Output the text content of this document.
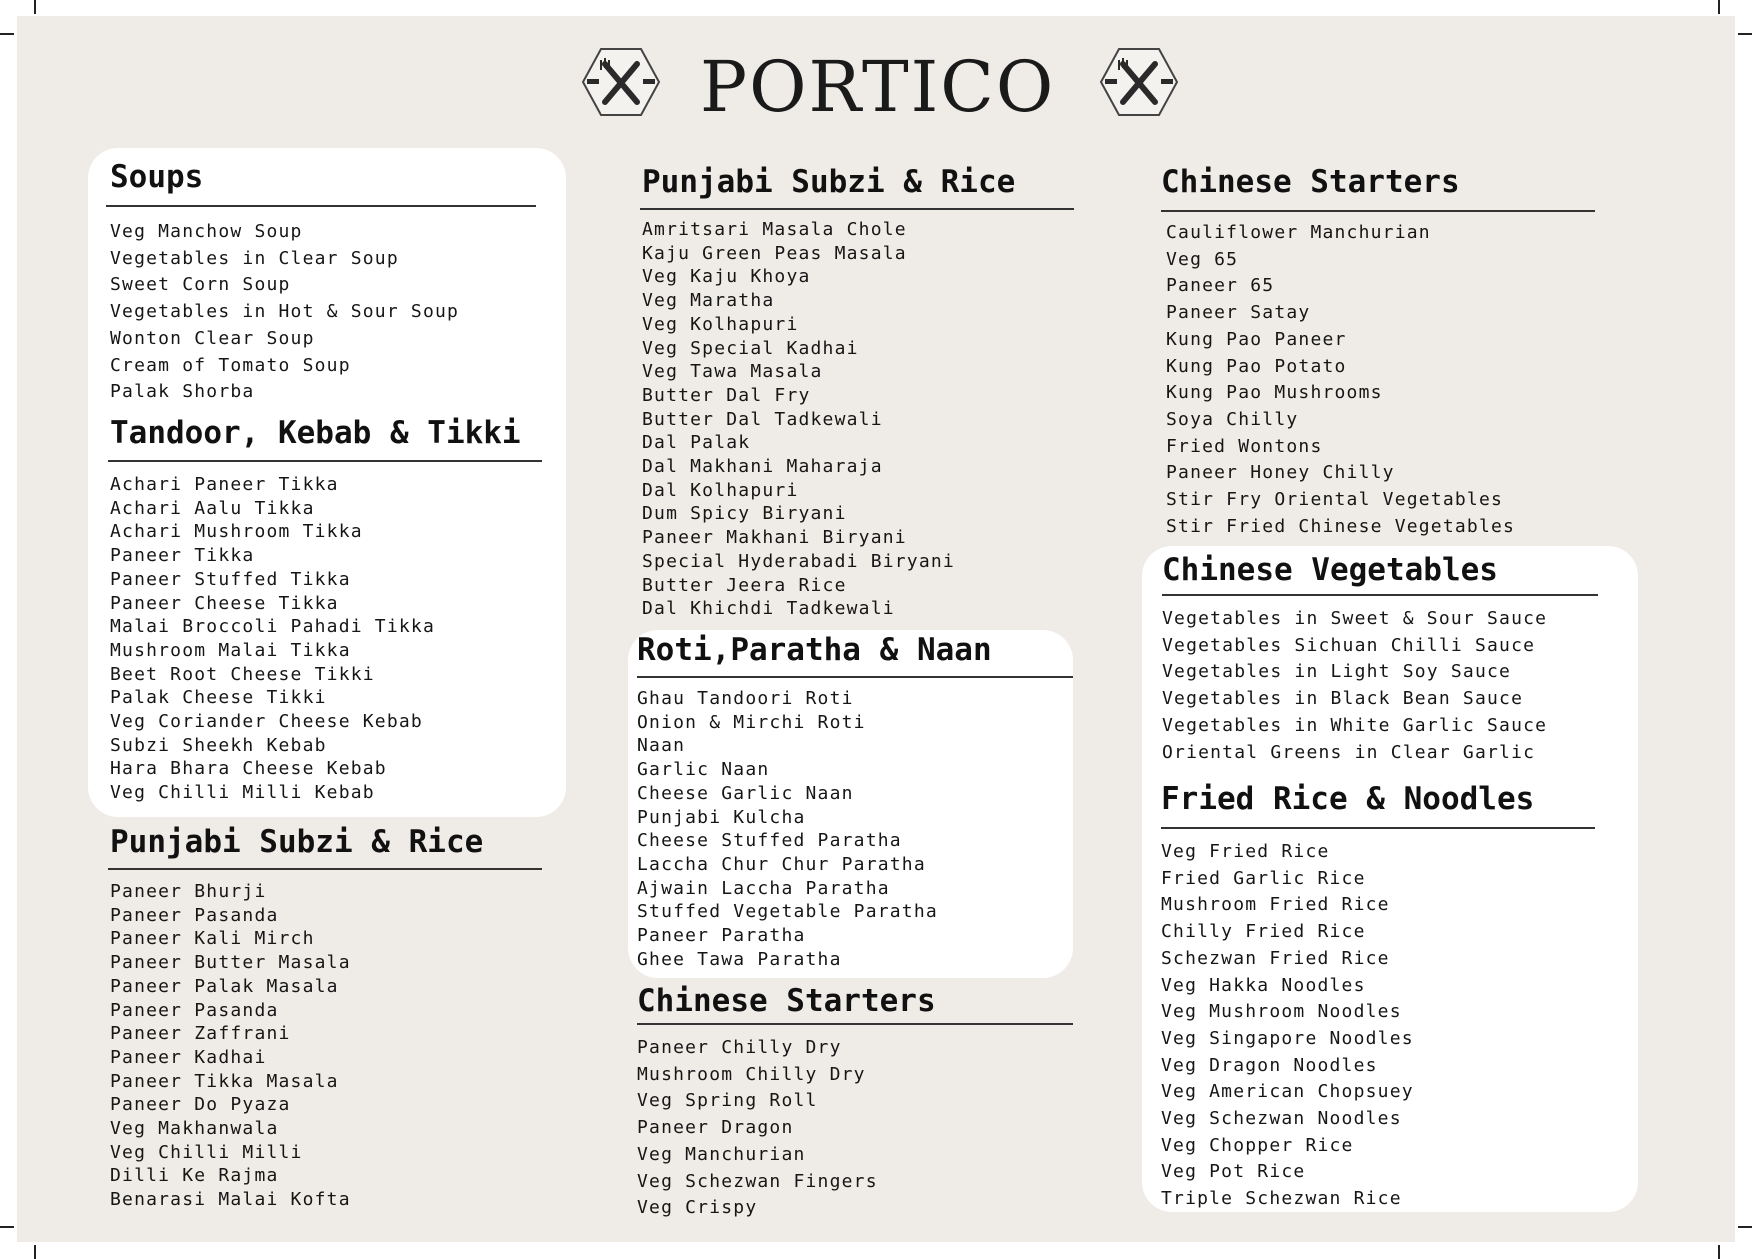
PORTICO
Soups
Veg Manchow Soup
Vegetables in Clear Soup
Sweet Corn Soup
Vegetables in Hot & Sour Soup
Wonton Clear Soup
Cream of Tomato Soup
Palak Shorba
Tandoor, Kebab & Tikki
Achari Paneer Tikka
Achari Aalu Tikka
Achari Mushroom Tikka
Paneer Tikka
Paneer Stuffed Tikka
Paneer Cheese Tikka
Malai Broccoli Pahadi Tikka
Mushroom Malai Tikka
Beet Root Cheese Tikki
Palak Cheese Tikki
Veg Coriander Cheese Kebab
Subzi Sheekh Kebab
Hara Bhara Cheese Kebab
Veg Chilli Milli Kebab
Punjabi Subzi & Rice
Paneer Bhurji
Paneer Pasanda
Paneer Kali Mirch
Paneer Butter Masala
Paneer Palak Masala
Paneer Pasanda
Paneer Zaffrani
Paneer Kadhai
Paneer Tikka Masala
Paneer Do Pyaza
Veg Makhanwala
Veg Chilli Milli
Dilli Ke Rajma
Benarasi Malai Kofta
Punjabi Subzi & Rice
Amritsari Masala Chole
Kaju Green Peas Masala
Veg Kaju Khoya
Veg Maratha
Veg Kolhapuri
Veg Special Kadhai
Veg Tawa Masala
Butter Dal Fry
Butter Dal Tadkewali
Dal Palak
Dal Makhani Maharaja
Dal Kolhapuri
Dum Spicy Biryani
Paneer Makhani Biryani
Special Hyderabadi Biryani
Butter Jeera Rice
Dal Khichdi Tadkewali
Roti,Paratha & Naan
Ghau Tandoori Roti
Onion & Mirchi Roti
Naan
Garlic Naan
Cheese Garlic Naan
Punjabi Kulcha
Cheese Stuffed Paratha
Laccha Chur Chur Paratha
Ajwain Laccha Paratha
Stuffed Vegetable Paratha
Paneer Paratha
Ghee Tawa Paratha
Chinese Starters
Paneer Chilly Dry
Mushroom Chilly Dry
Veg Spring Roll
Paneer Dragon
Veg Manchurian
Veg Schezwan Fingers
Veg Crispy
Chinese Starters
Cauliflower Manchurian
Veg 65
Paneer 65
Paneer Satay
Kung Pao Paneer
Kung Pao Potato
Kung Pao Mushrooms
Soya Chilly
Fried Wontons
Paneer Honey Chilly
Stir Fry Oriental Vegetables
Stir Fried Chinese Vegetables
Chinese Vegetables
Vegetables in Sweet & Sour Sauce
Vegetables Sichuan Chilli Sauce
Vegetables in Light Soy Sauce
Vegetables in Black Bean Sauce
Vegetables in White Garlic Sauce
Oriental Greens in Clear Garlic
Fried Rice & Noodles
Veg Fried Rice
Fried Garlic Rice
Mushroom Fried Rice
Chilly Fried Rice
Schezwan Fried Rice
Veg Hakka Noodles
Veg Mushroom Noodles
Veg Singapore Noodles
Veg Dragon Noodles
Veg American Chopsuey
Veg Schezwan Noodles
Veg Chopper Rice
Veg Pot Rice
Triple Schezwan Rice
